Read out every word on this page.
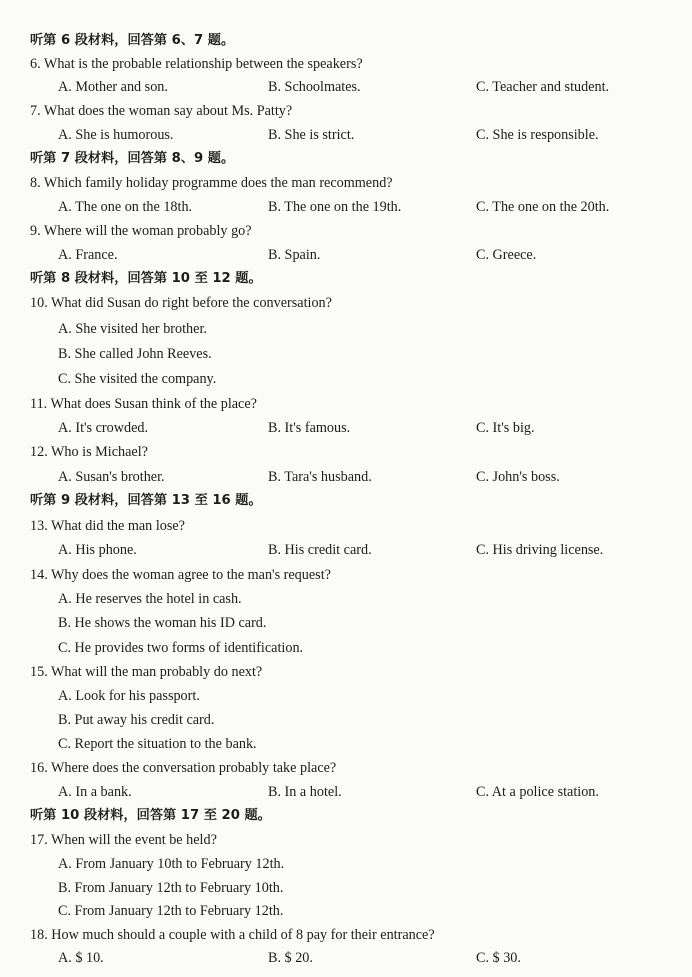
听第 6 段材料，回答第 6、7 题。
6. What is the probable relationship between the speakers?
A. Mother and son.	B. Schoolmates.	C. Teacher and student.
7. What does the woman say about Ms. Patty?
A. She is humorous.	B. She is strict.	C. She is responsible.
听第 7 段材料，回答第 8、9 题。
8. Which family holiday programme does the man recommend?
A. The one on the 18th.	B. The one on the 19th.	C. The one on the 20th.
9. Where will the woman probably go?
A. France.	B. Spain.	C. Greece.
听第 8 段材料，回答第 10 至 12 题。
10. What did Susan do right before the conversation?
A. She visited her brother.
B. She called John Reeves.
C. She visited the company.
11. What does Susan think of the place?
A. It's crowded.	B. It's famous.	C. It's big.
12. Who is Michael?
A. Susan's brother.	B. Tara's husband.	C. John's boss.
听第 9 段材料，回答第 13 至 16 题。
13. What did the man lose?
A. His phone.	B. His credit card.	C. His driving license.
14. Why does the woman agree to the man's request?
A. He reserves the hotel in cash.
B. He shows the woman his ID card.
C. He provides two forms of identification.
15. What will the man probably do next?
A. Look for his passport.
B. Put away his credit card.
C. Report the situation to the bank.
16. Where does the conversation probably take place?
A. In a bank.	B. In a hotel.	C. At a police station.
听第 10 段材料，回答第 17 至 20 题。
17. When will the event be held?
A. From January 10th to February 12th.
B. From January 12th to February 10th.
C. From January 12th to February 12th.
18. How much should a couple with a child of 8 pay for their entrance?
A. $ 10.	B. $ 20.	C. $ 30.
